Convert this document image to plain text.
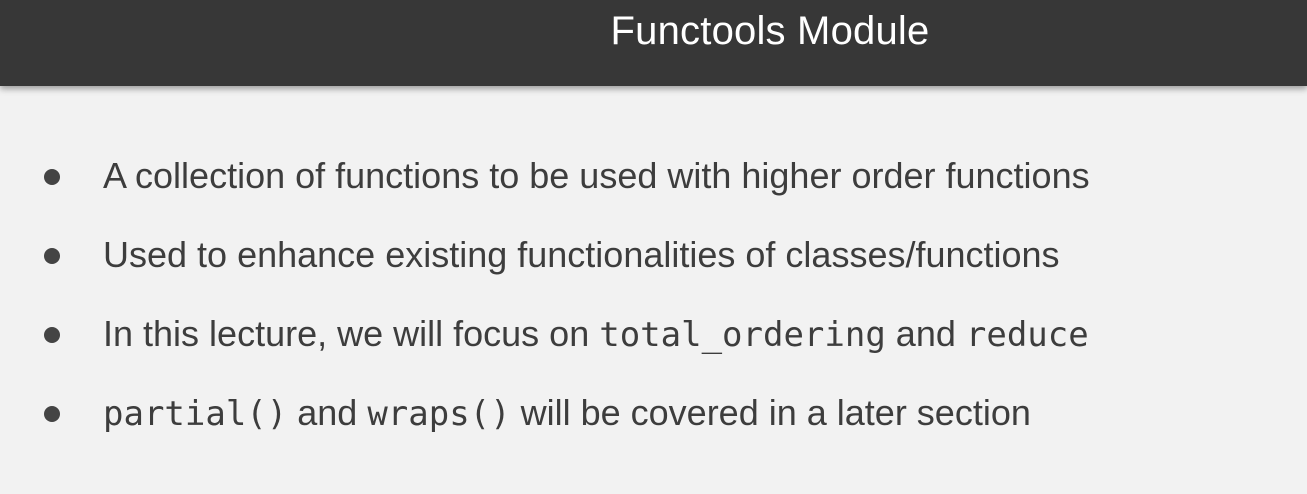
Functools Module
A collection of functions to be used with higher order functions
Used to enhance existing functionalities of classes/functions
In this lecture, we will focus on total_ordering and reduce
partial() and wraps() will be covered in a later section
